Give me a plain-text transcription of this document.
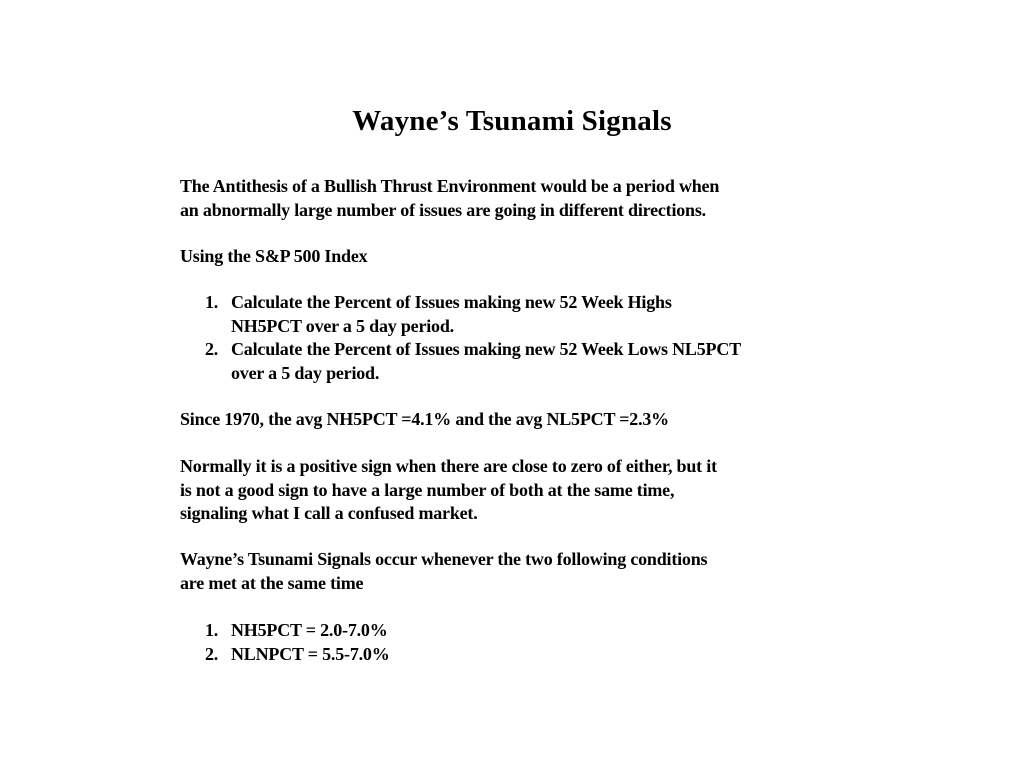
Wayne’s Tsunami Signals
The Antithesis of a Bullish Thrust Environment would be a period when
an abnormally large number of issues are going in different directions.
Using the S&P 500 Index
1. Calculate the Percent of Issues making new 52 Week Highs
NH5PCT over a 5 day period.
2. Calculate the Percent of Issues making new 52 Week Lows NL5PCT
over a 5 day period.
Since 1970, the avg NH5PCT =4.1% and the avg NL5PCT =2.3%
Normally it is a positive sign when there are close to zero of either, but it
is not a good sign to have a large number of both at the same time,
signaling what I call a confused market.
Wayne’s Tsunami Signals occur whenever the two following conditions
are met at the same time
1. NH5PCT = 2.0-7.0%
2. NLNPCT = 5.5-7.0%
